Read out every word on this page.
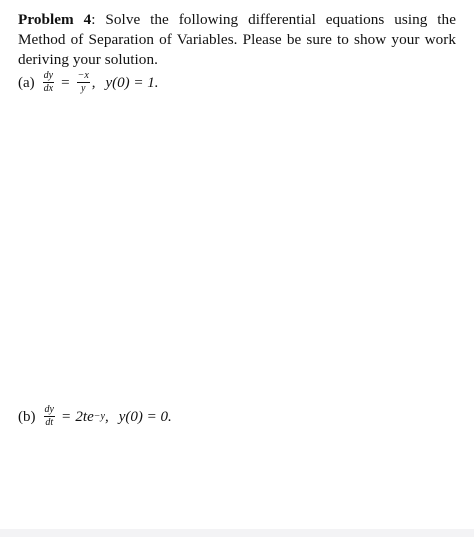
Problem 4: Solve the following differential equations using the Method of Separation of Variables. Please be sure to show your work deriving your solution.

$(a) \frac{dy}{dx} = \frac{-x}{y}$ , y(0) = 1.
$(b) \frac{dy}{dt} = 2te -y$ , y(0) = 0.
